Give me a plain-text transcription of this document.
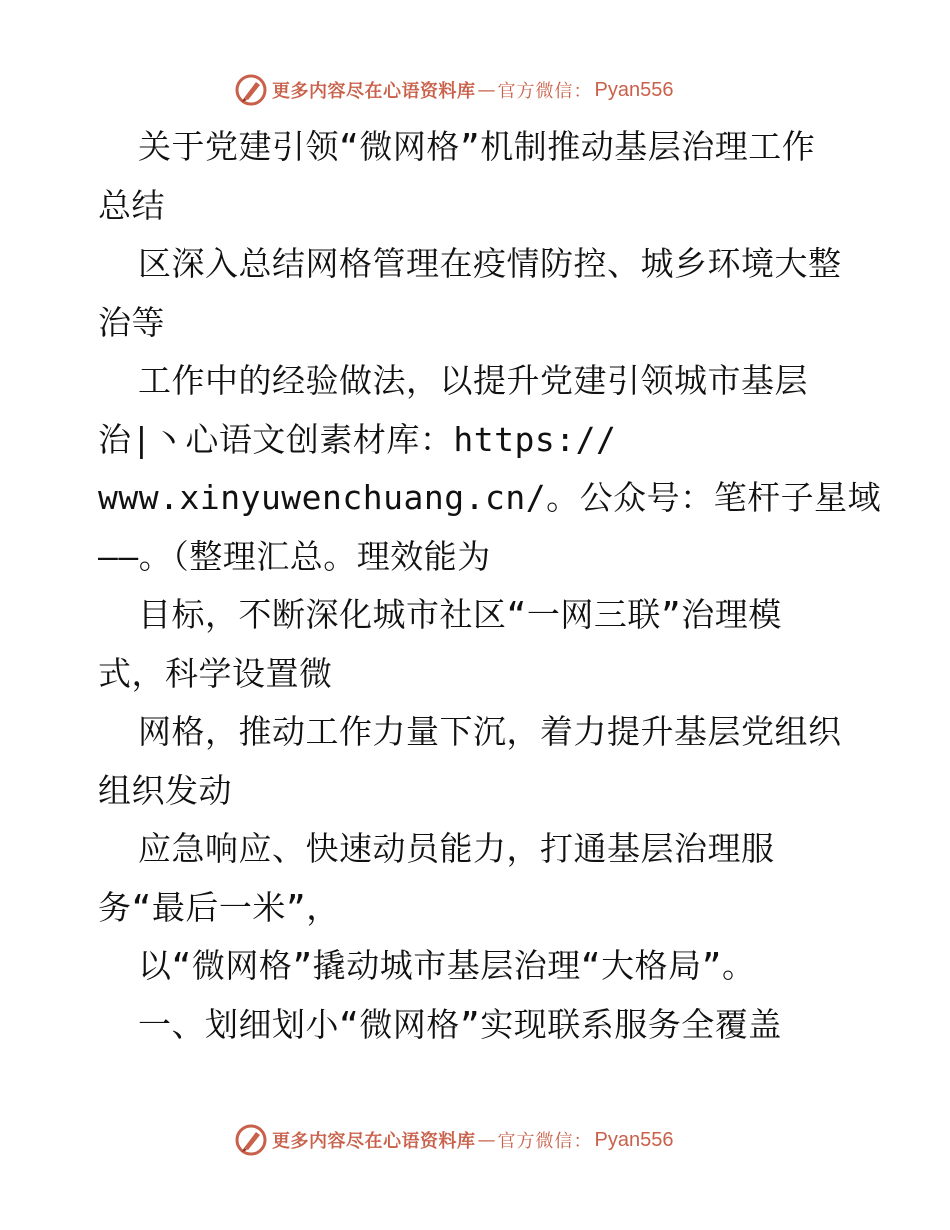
更多内容尽在心语资料库 — 官方微信： Pyan556
关于党建引领“微网格”机制推动基层治理工作
总结
区深入总结网格管理在疫情防控、城乡环境大整
治等
工作中的经验做法，以提升党建引领城市基层
治|丶心语文创素材库：https://
www.xinyuwenchuang.cn/。公众号：笔杆子星域
——。（整理汇总。理效能为
目标，不断深化城市社区“一网三联”治理模
式，科学设置微
网格，推动工作力量下沉，着力提升基层党组织
组织发动
应急响应、快速动员能力，打通基层治理服
务“最后一米”，
以“微网格”撬动城市基层治理“大格局”。
一、划细划小“微网格”实现联系服务全覆盖
更多内容尽在心语资料库 — 官方微信： Pyan556
